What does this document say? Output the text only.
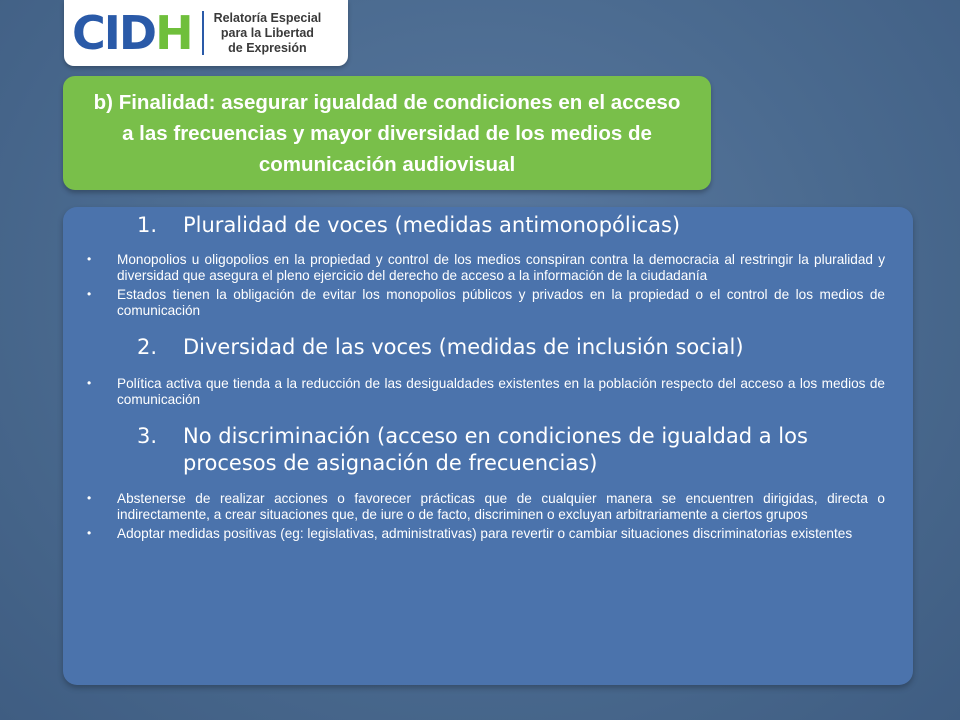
CIDH Relatoría Especial
para la Libertad
de Expresión

b) Finalidad: asegurar igualdad de condiciones en el acceso a las frecuencias y mayor diversidad de los medios de comunicación audiovisual

1.	Pluralidad de voces (medidas antimonopólicas)
• Monopolios u oligopolios en la propiedad y control de los medios conspiran contra la democracia al restringir la pluralidad y diversidad que asegura el pleno ejercicio del derecho de acceso a la información de la ciudadanía
• Estados tienen la obligación de evitar los monopolios públicos y privados en la propiedad o el control de los medios de comunicación
2.	Diversidad de las voces (medidas de inclusión social)
• Política activa que tienda a la reducción de las desigualdades existentes en la población respecto del acceso a los medios de comunicación
3.	No discriminación (acceso en condiciones de igualdad a los procesos de asignación de frecuencias)
• Abstenerse de realizar acciones o favorecer prácticas que de cualquier manera se encuentren dirigidas, directa o indirectamente, a crear situaciones que, de iure o de facto, discriminen o excluyan arbitrariamente a ciertos grupos
• Adoptar medidas positivas (eg: legislativas, administrativas) para revertir o cambiar situaciones discriminatorias existentes
